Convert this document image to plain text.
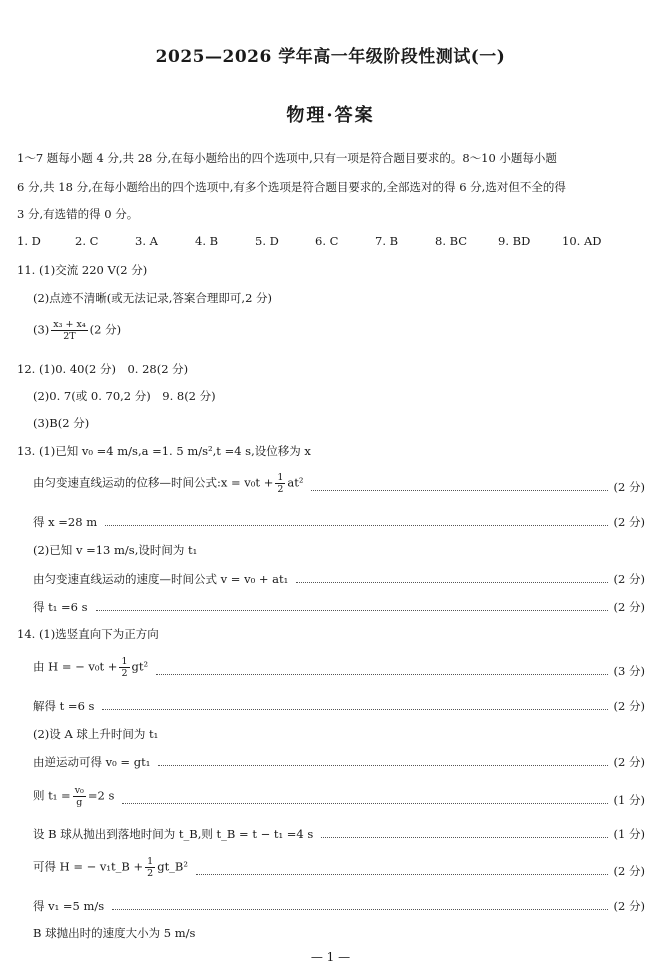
2025—2026 学年高一年级阶段性测试(一)
物理·答案
1～7 题每小题 4 分,共 28 分,在每小题给出的四个选项中,只有一项是符合题目要求的。8～10 小题每小题
6 分,共 18 分,在每小题给出的四个选项中,有多个选项是符合题目要求的,全部选对的得 6 分,选对但不全的得
3 分,有选错的得 0 分。
1. D	2. C	3. A	4. B	5. D	6. C	7. B	8. BC	9. BD	10. AD
11. (1)交流 220 V(2 分)
(2)点迹不清晰(或无法记录,答案合理即可,2 分)
$(3) \frac{\text{x₃ + x₄}}{2T} (2$ 分)
12. (1)0. 40(2 分)　0. 28(2 分)
(2)0. 7(或 0. 70,2 分)　9. 8(2 分)
(3)B(2 分)
13. (1)已知 v₀ =4 m/s,a =1. 5 m/s²,t =4 s,设位移为 x
由匀变速直线运动的位移—时间公式:x = $v_0t + \frac{1}{2} at^2$	(2 分)
得 x =28 m	(2 分)
(2)已知 v =13 m/s,设时间为 t₁
由匀变速直线运动的速度—时间公式 v = v₀ + at₁	(2 分)
得 t₁ =6 s	(2 分)
14. (1)选竖直向下为正方向
由 H = − $v_0t + \frac{1}{2} gt^2$	(3 分)
解得 t =6 s	(2 分)
(2)设 A 球上升时间为 t₁
由逆运动可得 v₀ = gt₁	(2 分)
则 $t_1 = \frac{\text{v₀}}{g} =2$ s	(1 分)
设 B 球从抛出到落地时间为 t_B,则 t_B = t − t₁ =4 s	(1 分)
可得 H = − v₁t_B + $\frac{1}{2}$ gt_B²	(2 分)
得 v₁ =5 m/s	(2 分)
B 球抛出时的速度大小为 5 m/s
— 1 —
